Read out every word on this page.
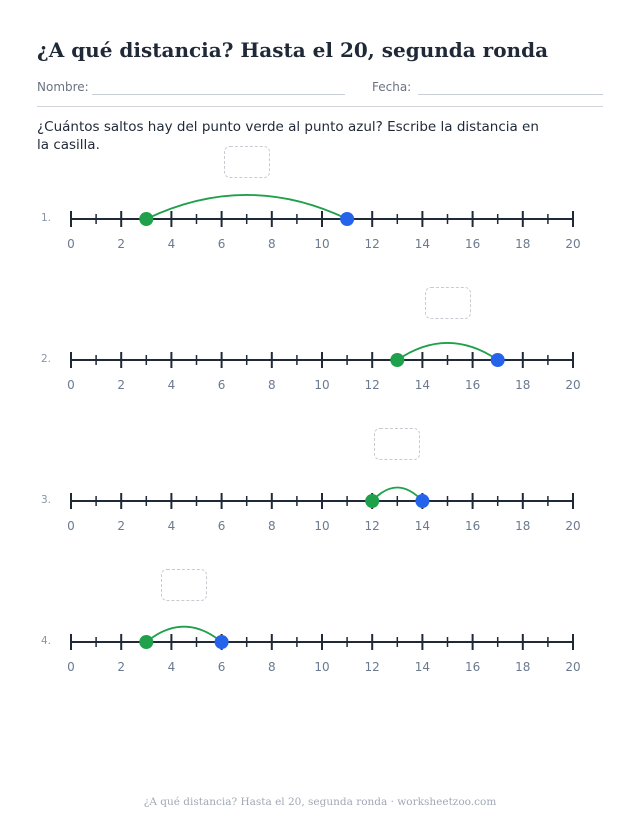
¿A qué distancia? Hasta el 20, segunda ronda
Nombre:	Fecha:

¿Cuántos saltos hay del punto verde al punto azul? Escribe la distancia en la casilla.

1.
0	2	4	6	8	10	12	14	16	18	20
2.
0	2	4	6	8	10	12	14	16	18	20
3.
0	2	4	6	8	10	12	14	16	18	20
4.
0	2	4	6	8	10	12	14	16	18	20
¿A qué distancia? Hasta el 20, segunda ronda · worksheetzoo.com
